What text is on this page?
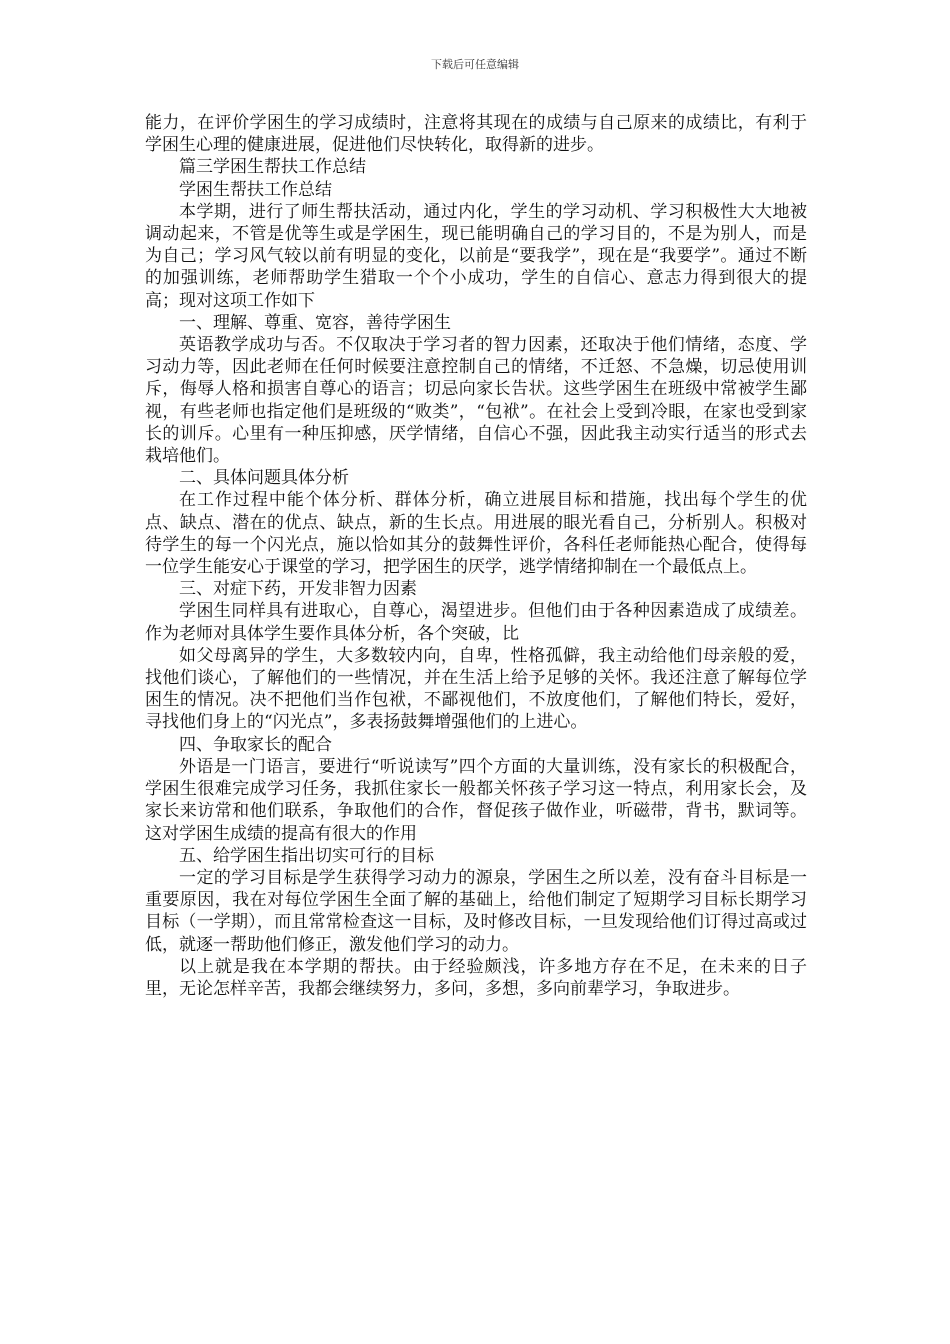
下载后可任意编辑

能力，在评价学困生的学习成绩时，注意将其现在的成绩与自己原来的成绩比，有利于学困生心理的健康进展，促进他们尽快转化，取得新的进步。

篇三学困生帮扶工作总结

学困生帮扶工作总结

本学期，进行了师生帮扶活动，通过内化，学生的学习动机、学习积极性大大地被调动起来，不管是优等生或是学困生，现已能明确自己的学习目的，不是为别人，而是为自己；学习风气较以前有明显的变化，以前是“要我学”，现在是“我要学”。通过不断的加强训练，老师帮助学生猎取一个个小成功，学生的自信心、意志力得到很大的提高；现对这项工作如下

一、理解、尊重、宽容，善待学困生

英语教学成功与否。不仅取决于学习者的智力因素，还取决于他们情绪，态度、学习动力等，因此老师在任何时候要注意控制自己的情绪，不迁怒、不急燥，切忌使用训斥，侮辱人格和损害自尊心的语言；切忌向家长告状。这些学困生在班级中常被学生鄙视，有些老师也指定他们是班级的“败类”，“包袱”。在社会上受到冷眼，在家也受到家长的训斥。心里有一种压抑感，厌学情绪，自信心不强，因此我主动实行适当的形式去栽培他们。

二、具体问题具体分析

在工作过程中能个体分析、群体分析，确立进展目标和措施，找出每个学生的优点、缺点、潜在的优点、缺点，新的生长点。用进展的眼光看自己，分析别人。积极对待学生的每一个闪光点，施以恰如其分的鼓舞性评价，各科任老师能热心配合，使得每一位学生能安心于课堂的学习，把学困生的厌学，逃学情绪抑制在一个最低点上。

三、对症下药，开发非智力因素

学困生同样具有进取心，自尊心，渴望进步。但他们由于各种因素造成了成绩差。作为老师对具体学生要作具体分析，各个突破，比

如父母离异的学生，大多数较内向，自卑，性格孤僻，我主动给他们母亲般的爱，找他们谈心，了解他们的一些情况，并在生活上给予足够的关怀。我还注意了解每位学困生的情况。决不把他们当作包袱，不鄙视他们，不放度他们，了解他们特长，爱好，寻找他们身上的“闪光点”，多表扬鼓舞增强他们的上进心。

四、争取家长的配合

外语是一门语言，要进行“听说读写”四个方面的大量训练，没有家长的积极配合，学困生很难完成学习任务，我抓住家长一般都关怀孩子学习这一特点，利用家长会，及家长来访常和他们联系，争取他们的合作，督促孩子做作业，听磁带，背书，默词等。这对学困生成绩的提高有很大的作用

五、给学困生指出切实可行的目标

一定的学习目标是学生获得学习动力的源泉，学困生之所以差，没有奋斗目标是一重要原因，我在对每位学困生全面了解的基础上，给他们制定了短期学习目标长期学习目标（一学期），而且常常检查这一目标，及时修改目标，一旦发现给他们订得过高或过低，就逐一帮助他们修正，激发他们学习的动力。

以上就是我在本学期的帮扶。由于经验颇浅，许多地方存在不足，在未来的日子里，无论怎样辛苦，我都会继续努力，多问，多想，多向前辈学习，争取进步。
